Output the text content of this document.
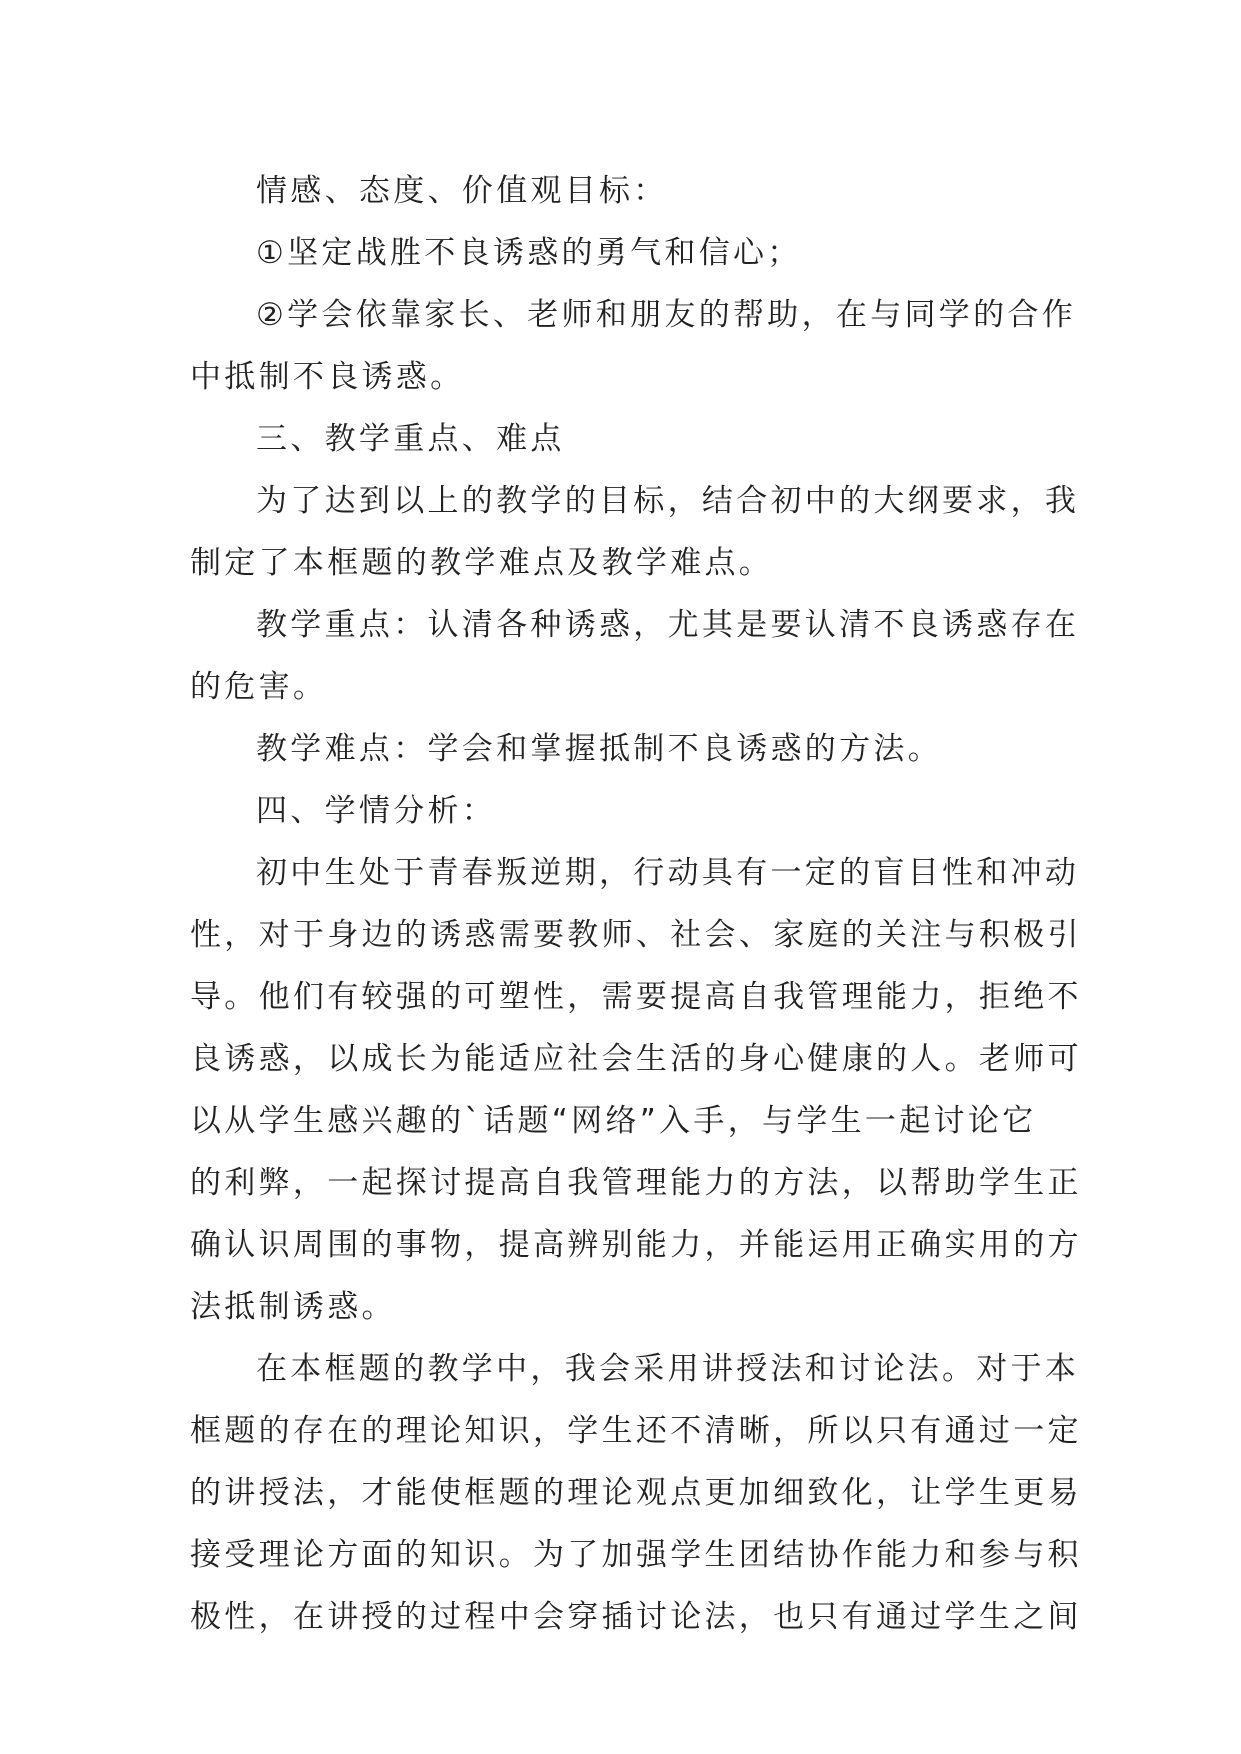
情感、态度、价值观目标：
①坚定战胜不良诱惑的勇气和信心；
②学会依靠家长、老师和朋友的帮助，在与同学的合作
中抵制不良诱惑。
三、教学重点、难点
为了达到以上的教学的目标，结合初中的大纲要求，我
制定了本框题的教学难点及教学难点。
教学重点：认清各种诱惑，尤其是要认清不良诱惑存在
的危害。
教学难点：学会和掌握抵制不良诱惑的方法。
四、学情分析：
初中生处于青春叛逆期，行动具有一定的盲目性和冲动
性，对于身边的诱惑需要教师、社会、家庭的关注与积极引
导。他们有较强的可塑性，需要提高自我管理能力，拒绝不
良诱惑，以成长为能适应社会生活的身心健康的人。老师可
以从学生感兴趣的`话题“网络”入手，与学生一起讨论它
的利弊，一起探讨提高自我管理能力的方法，以帮助学生正
确认识周围的事物，提高辨别能力，并能运用正确实用的方
法抵制诱惑。
在本框题的教学中，我会采用讲授法和讨论法。对于本
框题的存在的理论知识，学生还不清晰，所以只有通过一定
的讲授法，才能使框题的理论观点更加细致化，让学生更易
接受理论方面的知识。为了加强学生团结协作能力和参与积
极性，在讲授的过程中会穿插讨论法，也只有通过学生之间
